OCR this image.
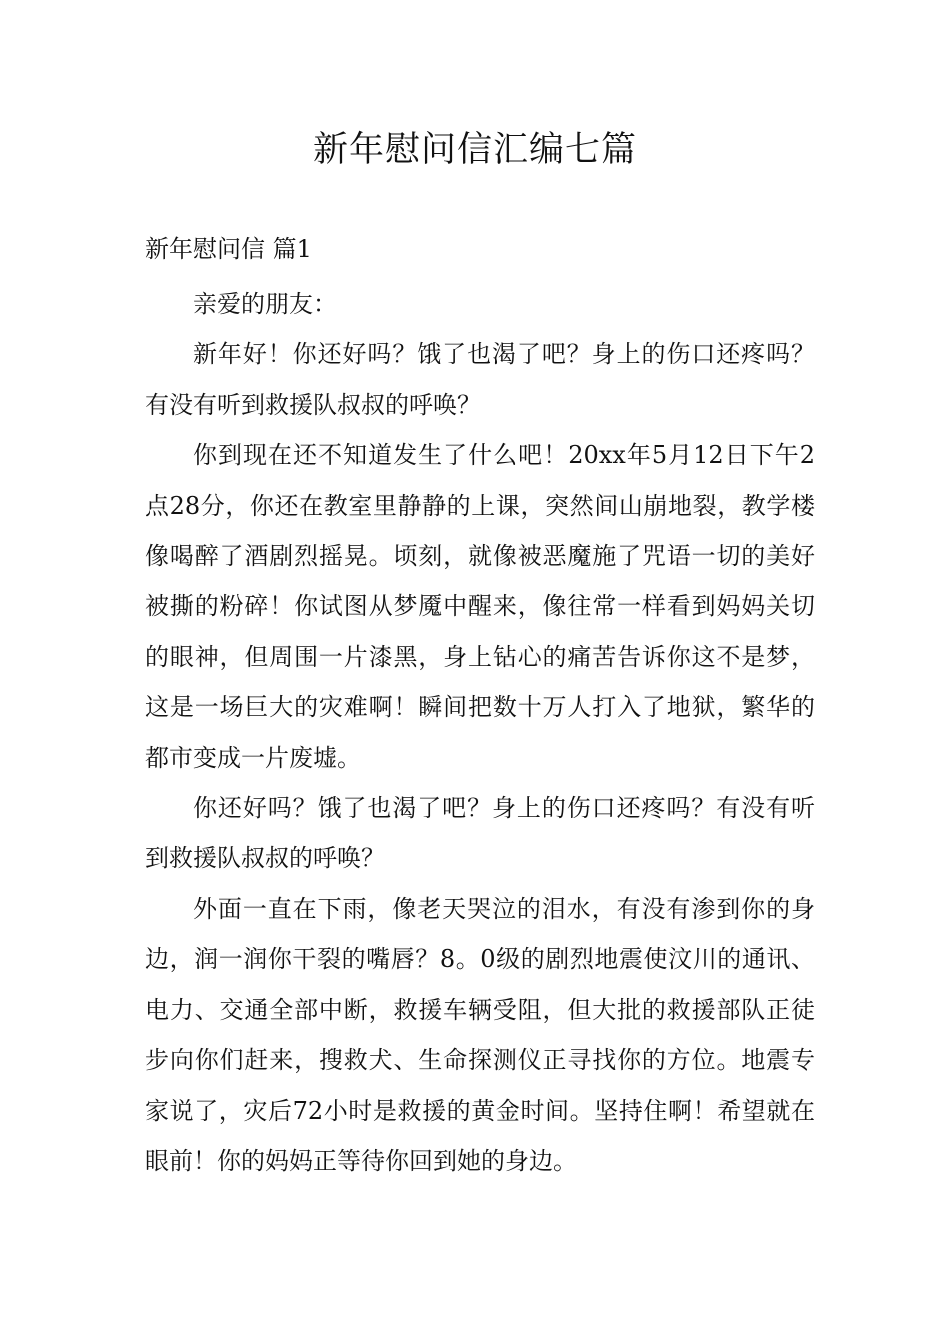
新年慰问信汇编七篇
新年慰问信 篇1

亲爱的朋友：

新年好！你还好吗？饿了也渴了吧？身上的伤口还疼吗？有没有听到救援队叔叔的呼唤？

你到现在还不知道发生了什么吧！20xx年5月12日下午2点28分，你还在教室里静静的上课，突然间山崩地裂，教学楼像喝醉了酒剧烈摇晃。顷刻，就像被恶魔施了咒语一切的美好被撕的粉碎！你试图从梦魇中醒来，像往常一样看到妈妈关切的眼神，但周围一片漆黑，身上钻心的痛苦告诉你这不是梦，这是一场巨大的灾难啊！瞬间把数十万人打入了地狱，繁华的都市变成一片废墟。

你还好吗？饿了也渴了吧？身上的伤口还疼吗？有没有听到救援队叔叔的呼唤？

外面一直在下雨，像老天哭泣的泪水，有没有渗到你的身边，润一润你干裂的嘴唇？8。0级的剧烈地震使汶川的通讯、电力、交通全部中断，救援车辆受阻，但大批的救援部队正徒步向你们赶来，搜救犬、生命探测仪正寻找你的方位。地震专家说了，灾后72小时是救援的黄金时间。坚持住啊！希望就在眼前！你的妈妈正等待你回到她的身边。
